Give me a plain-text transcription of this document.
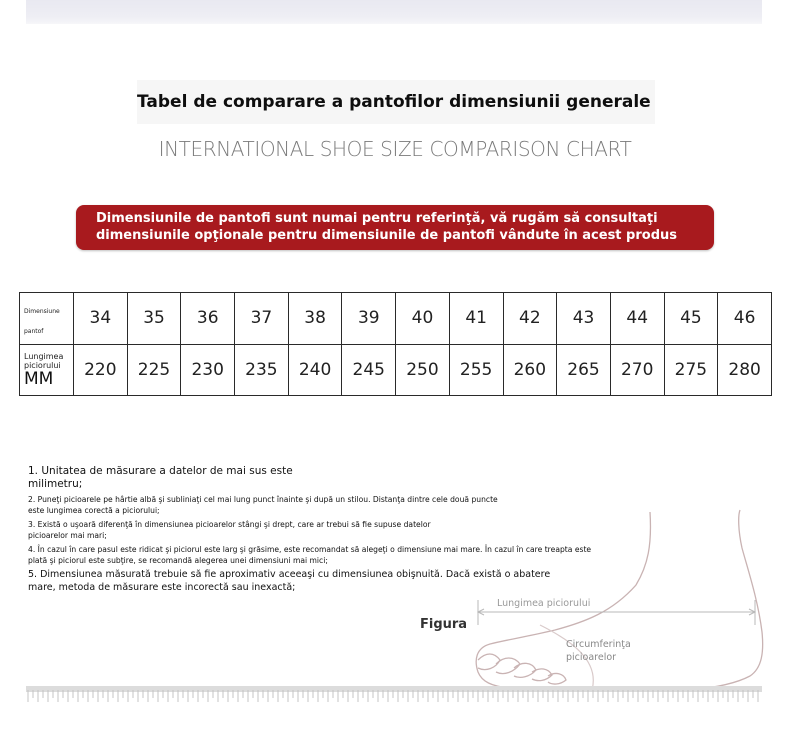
Tabel de comparare a pantofilor dimensiunii generale
INTERNATIONAL SHOE SIZE COMPARISON CHART
Dimensiunile de pantofi sunt numai pentru referinţă, vă rugăm să consultaţi
dimensiunile opţionale pentru dimensiunile de pantofi vândute în acest produs
Dimensiune pantof	34	35	36	37	38	39	40	41	42	43	44	45	46

Lungimea
piciorului
MM	220	225	230	235	240	245	250	255	260	265	270	275	280

1. Unitatea de măsurare a datelor de mai sus este

milimetru;

2. Puneţi picioarele pe hârtie albă şi subliniaţi cel mai lung punct înainte şi după un stilou. Distanţa dintre cele două puncte

este lungimea corectă a piciorului;

3. Există o uşoară diferenţă în dimensiunea picioarelor stângi şi drept, care ar trebui să fie supuse datelor

picioarelor mai mari;

4. În cazul în care pasul este ridicat şi piciorul este larg şi grăsime, este recomandat să alegeţi o dimensiune mai mare. În cazul în care treapta este

plată şi piciorul este subţire, se recomandă alegerea unei dimensiuni mai mici;

5. Dimensiunea măsurată trebuie să fie aproximativ aceeaşi cu dimensiunea obişnuită. Dacă există o abatere

mare, metoda de măsurare este incorectă sau inexactă;

Figura
Lungimea piciorului
Circumferinţa
picioarelor
